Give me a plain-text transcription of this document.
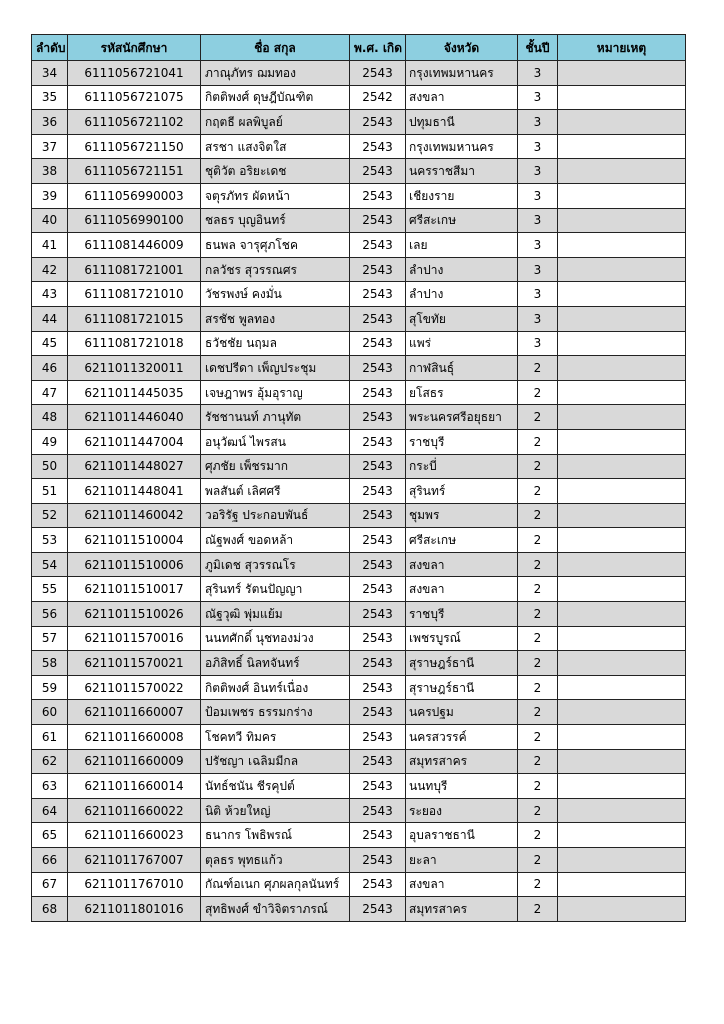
ลำดับ	รหัสนักศึกษา	ชื่อ สกุล	พ.ศ. เกิด	จังหวัด	ชั้นปี	หมายเหตุ
34	6111056721041	ภาณุภัทร ฌมทอง	2543	กรุงเทพมหานคร	3	
35	6111056721075	กิตติพงศ์ ดุษฎีบัณฑิต	2542	สงขลา	3	
36	6111056721102	กฤตธี ผลพิบูลย์	2543	ปทุมธานี	3	
37	6111056721150	สรชา แสงจิตใส	2543	กรุงเทพมหานคร	3	
38	6111056721151	ชุติวัต อริยะเดช	2543	นครราชสีมา	3	
39	6111056990003	จตุรภัทร ผัดหน้า	2543	เชียงราย	3	
40	6111056990100	ชลธร บุญอินทร์	2543	ศรีสะเกษ	3	
41	6111081446009	ธนพล จารุศุภโชค	2543	เลย	3	
42	6111081721001	กลวัชร สุวรรณศร	2543	ลำปาง	3	
43	6111081721010	วัชรพงษ์ คงมั่น	2543	ลำปาง	3	
44	6111081721015	สรชัช พูลทอง	2543	สุโขทัย	3	
45	6111081721018	ธวัชชัย นฤมล	2543	แพร่	3	
46	6211011320011	เดชปรีดา เพ็ญประชุม	2543	กาฬสินธุ์	2	
47	6211011445035	เจษฎาพร อุ้มอุราญ	2543	ยโสธร	2	
48	6211011446040	รัชชานนท์ ภานุทัต	2543	พระนครศรีอยุธยา	2	
49	6211011447004	อนุวัฒน์ ไพรสน	2543	ราชบุรี	2	
50	6211011448027	ศุภชัย เพ็ชรมาก	2543	กระบี่	2	
51	6211011448041	พลสันต์ เลิศศรี	2543	สุรินทร์	2	
52	6211011460042	วอริรัฐ ประกอบพันธ์	2543	ชุมพร	2	
53	6211011510004	ณัฐพงศ์ ขอดหล้า	2543	ศรีสะเกษ	2	
54	6211011510006	ภูมิเดช สุวรรณโร	2543	สงขลา	2	
55	6211011510017	สุรินทร์ รัตนปัญญา	2543	สงขลา	2	
56	6211011510026	ณัฐวุฒิ พุ่มแย้ม	2543	ราชบุรี	2	
57	6211011570016	นนทศักดิ์ นุชทองม่วง	2543	เพชรบูรณ์	2	
58	6211011570021	อภิสิทธิ์ นิลทจันทร์	2543	สุราษฎร์ธานี	2	
59	6211011570022	กิตติพงศ์ อินทร์เนื่อง	2543	สุราษฎร์ธานี	2	
60	6211011660007	ป้อมเพชร ธรรมกร่าง	2543	นครปฐม	2	
61	6211011660008	โชคทวี ทิมคร	2543	นครสวรรค์	2	
62	6211011660009	ปรัชญา เฉลิมมีกล	2543	สมุทรสาคร	2	
63	6211011660014	นัทธ์ชนัน ชีรคุปต์	2543	นนทบุรี	2	
64	6211011660022	นิติ ห้วยใหญ่	2543	ระยอง	2	
65	6211011660023	ธนากร โพธิพรณ์	2543	อุบลราชธานี	2	
66	6211011767007	ตุลธร พุทธแก้ว	2543	ยะลา	2	
67	6211011767010	กัณฑ์อเนก ศุภผลกุลนันทร์	2543	สงขลา	2	
68	6211011801016	สุทธิพงศ์ ขำวิจิตราภรณ์	2543	สมุทรสาคร	2	
